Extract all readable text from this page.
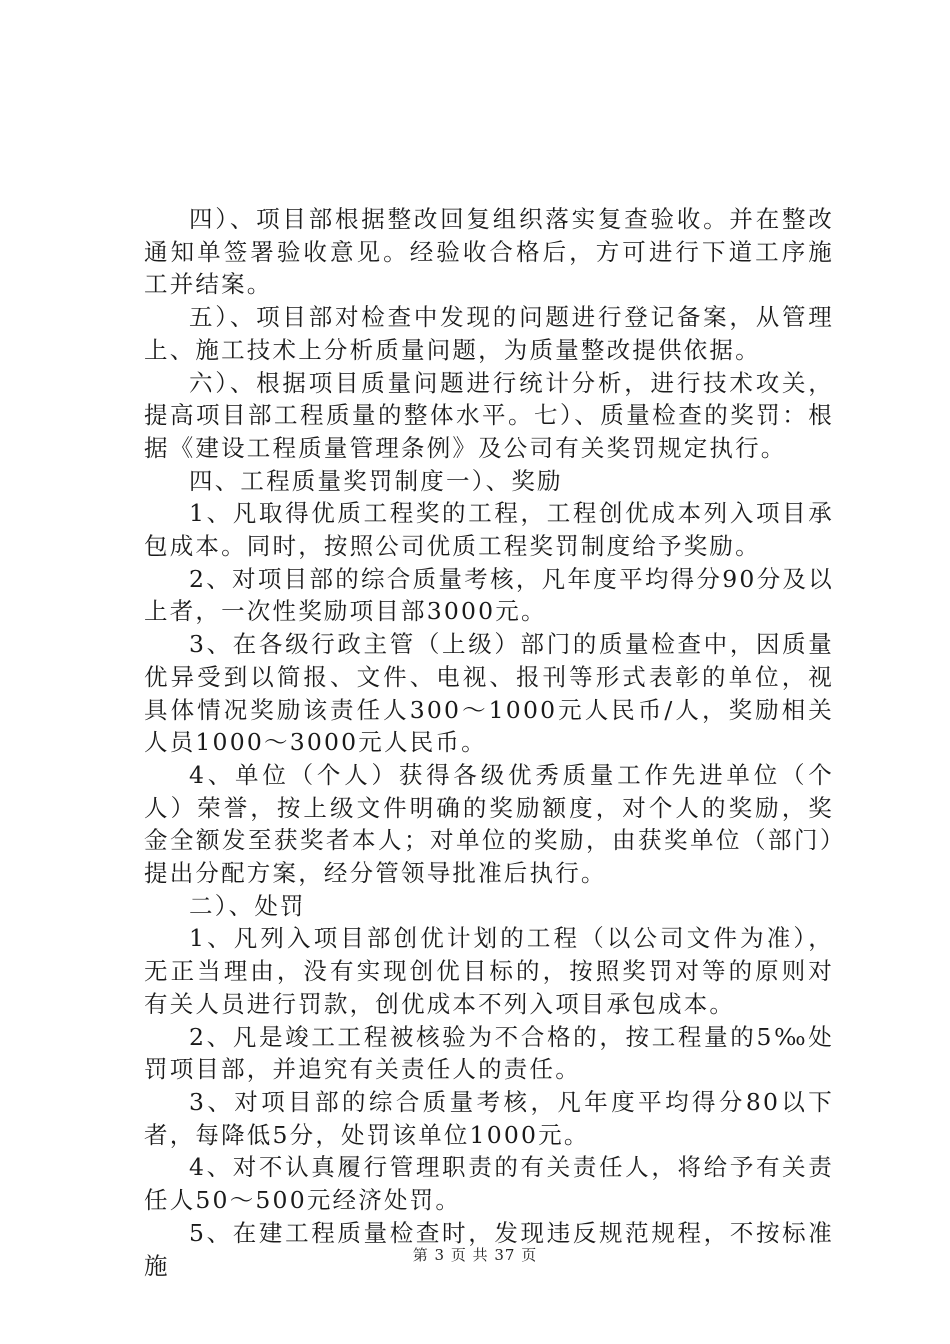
四）、项目部根据整改回复组织落实复查验收。并在整改通知单签署验收意见。经验收合格后，方可进行下道工序施工并结案。

五）、项目部对检查中发现的问题进行登记备案，从管理上、施工技术上分析质量问题，为质量整改提供依据。

六）、根据项目质量问题进行统计分析，进行技术攻关，提高项目部工程质量的整体水平。七）、质量检查的奖罚：根据《建设工程质量管理条例》及公司有关奖罚规定执行。

四、工程质量奖罚制度一）、奖励

1、凡取得优质工程奖的工程，工程创优成本列入项目承包成本。同时，按照公司优质工程奖罚制度给予奖励。

2、对项目部的综合质量考核，凡年度平均得分90分及以上者，一次性奖励项目部3000元。

3、在各级行政主管（上级）部门的质量检查中，因质量优异受到以简报、文件、电视、报刊等形式表彰的单位，视具体情况奖励该责任人300～1000元人民币/人，奖励相关人员1000～3000元人民币。

4、单位（个人）获得各级优秀质量工作先进单位（个人）荣誉，按上级文件明确的奖励额度，对个人的奖励，奖金全额发至获奖者本人；对单位的奖励，由获奖单位（部门）提出分配方案，经分管领导批准后执行。

二）、处罚

1、凡列入项目部创优计划的工程（以公司文件为准），无正当理由，没有实现创优目标的，按照奖罚对等的原则对有关人员进行罚款，创优成本不列入项目承包成本。

2、凡是竣工工程被核验为不合格的，按工程量的5‰处罚项目部，并追究有关责任人的责任。

3、对项目部的综合质量考核，凡年度平均得分80以下者，每降低5分，处罚该单位1000元。

4、对不认真履行管理职责的有关责任人，将给予有关责任人50～500元经济处罚。

5、在建工程质量检查时，发现违反规范规程，不按标准施	第 3 页 共 37 页
